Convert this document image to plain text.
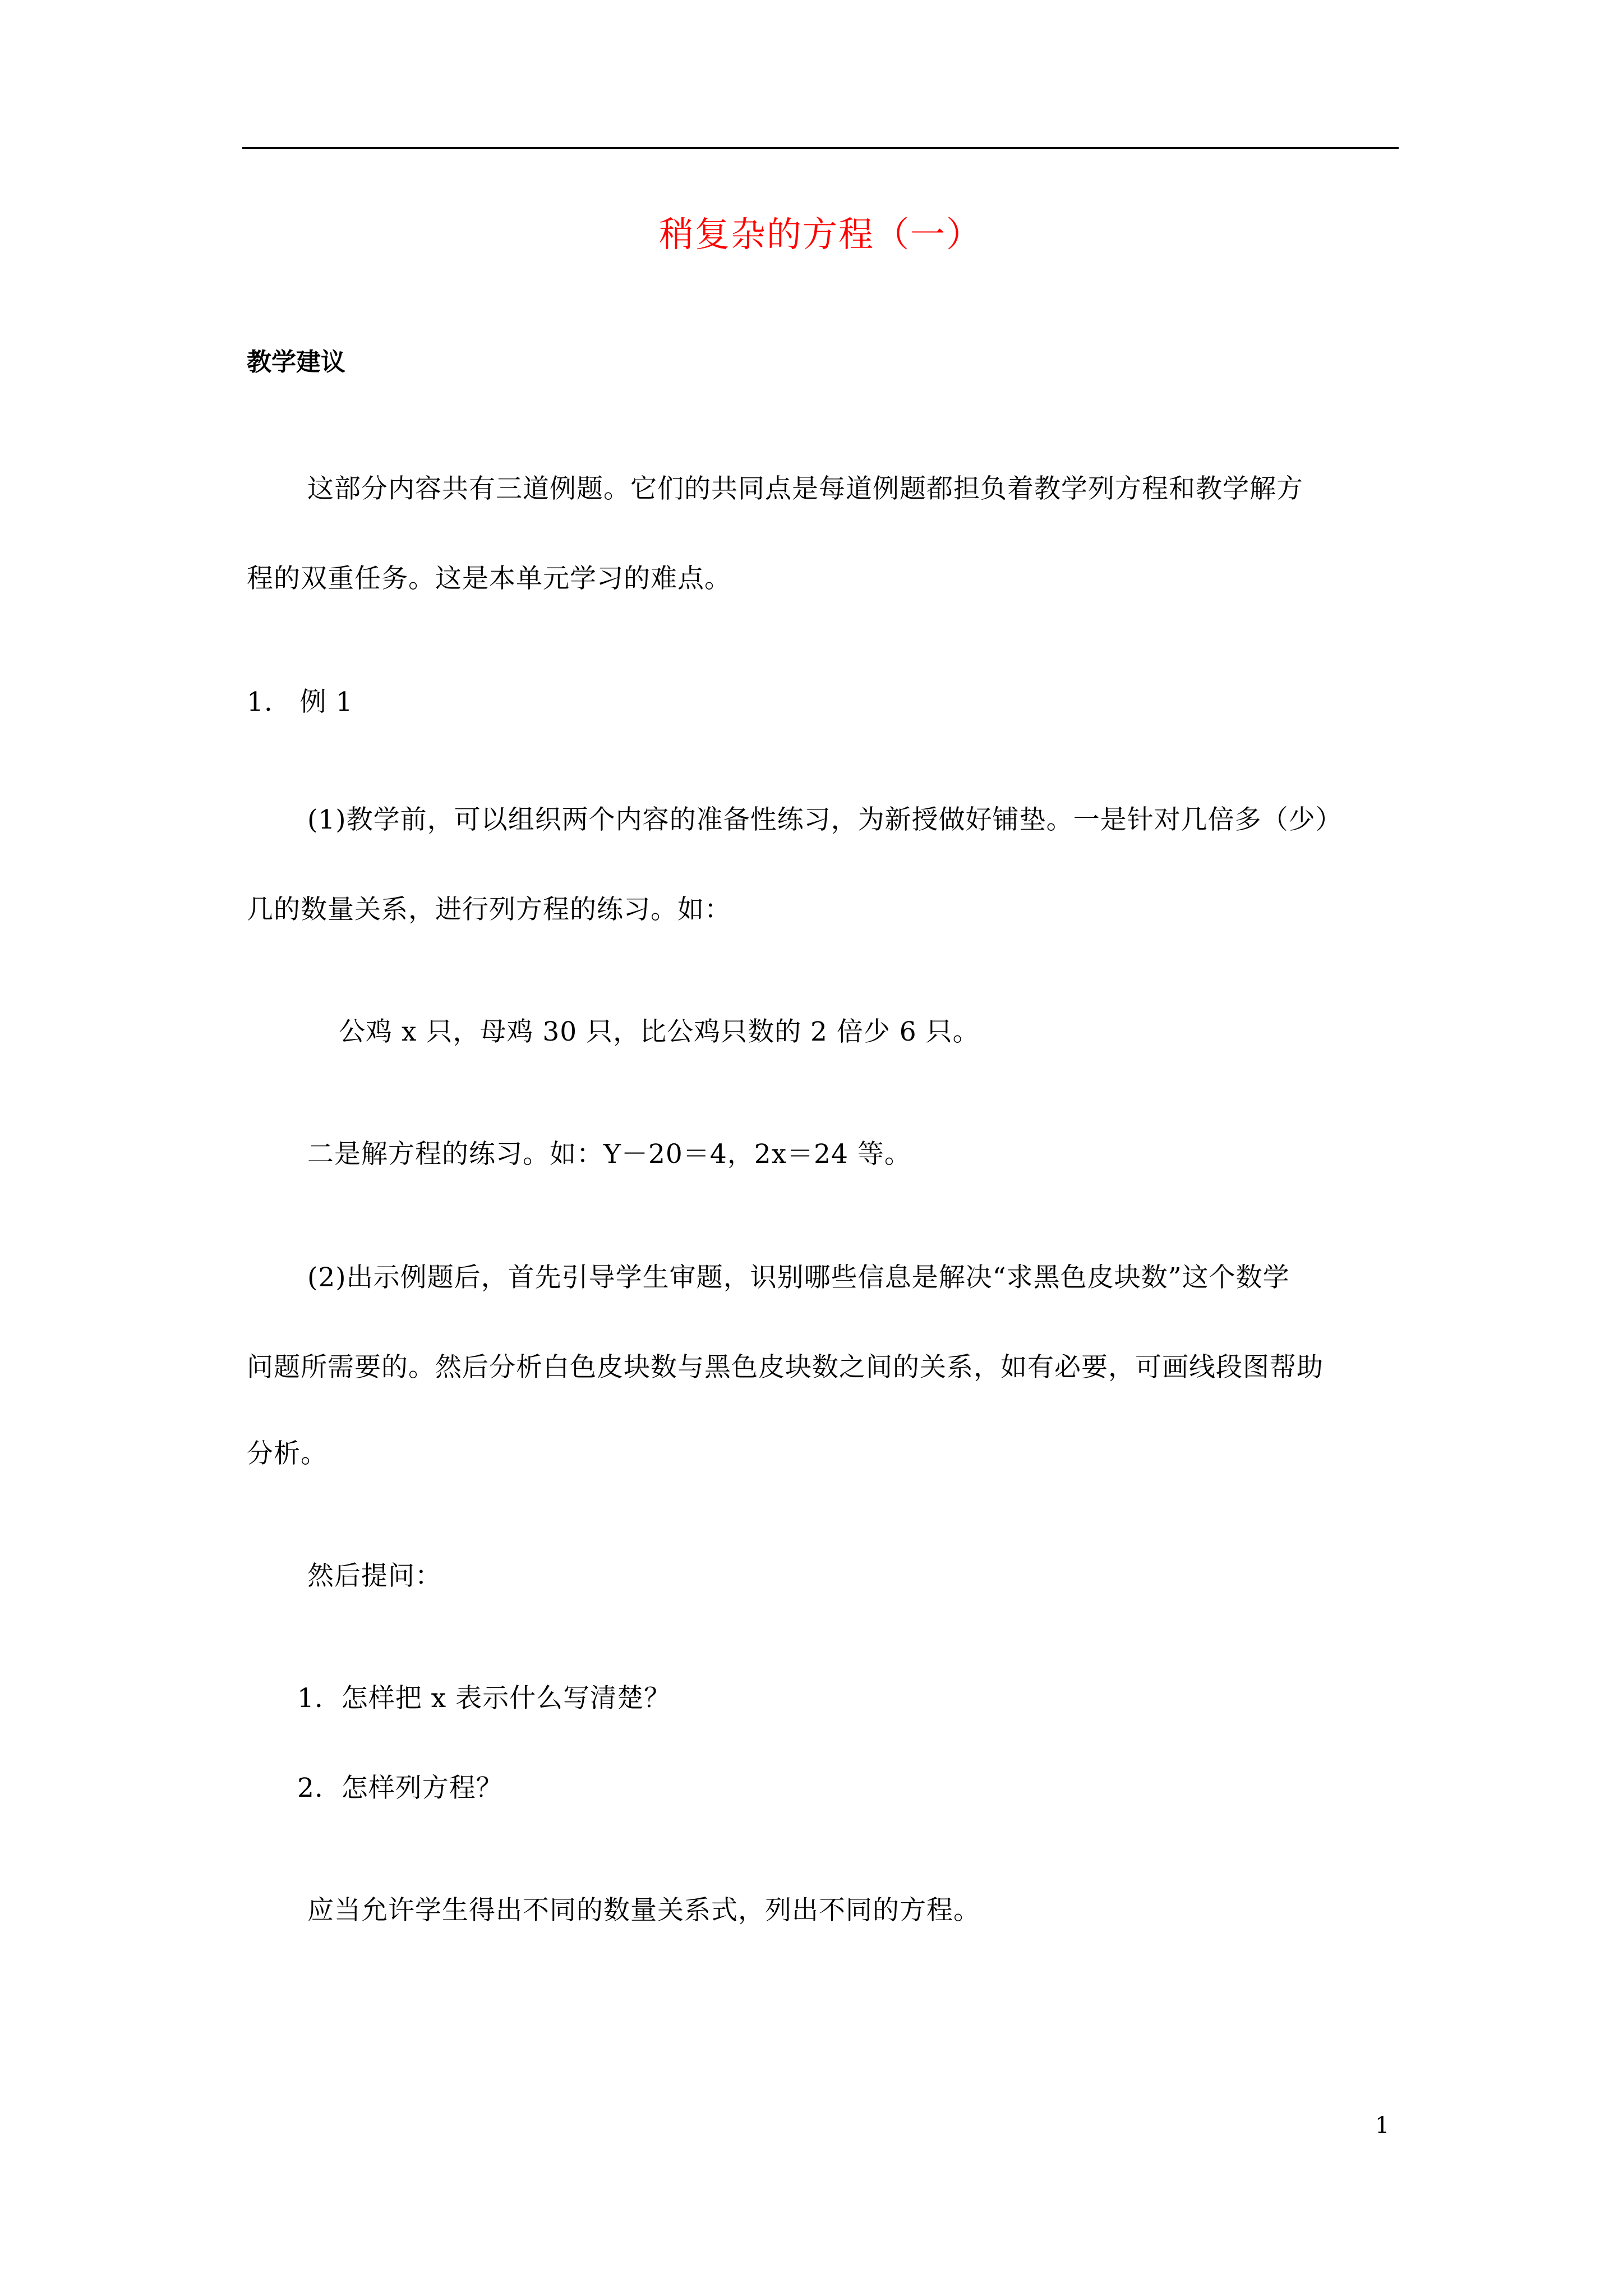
稍复杂的方程（一）
教学建议
这部分内容共有三道例题。它们的共同点是每道例题都担负着教学列方程和教学解方
程的双重任务。这是本单元学习的难点。
1.   例 1
(1)教学前，可以组织两个内容的准备性练习，为新授做好铺垫。一是针对几倍多（少）
几的数量关系，进行列方程的练习。如：
公鸡 x 只，母鸡 30 只，比公鸡只数的 2 倍少 6 只。
二是解方程的练习。如：Y－20＝4，2x＝24 等。
(2)出示例题后，首先引导学生审题，识别哪些信息是解决“求黑色皮块数”这个数学
问题所需要的。然后分析白色皮块数与黑色皮块数之间的关系，如有必要，可画线段图帮助
分析。
然后提问：
1.  怎样把 x 表示什么写清楚？
2.  怎样列方程？
应当允许学生得出不同的数量关系式，列出不同的方程。
1
